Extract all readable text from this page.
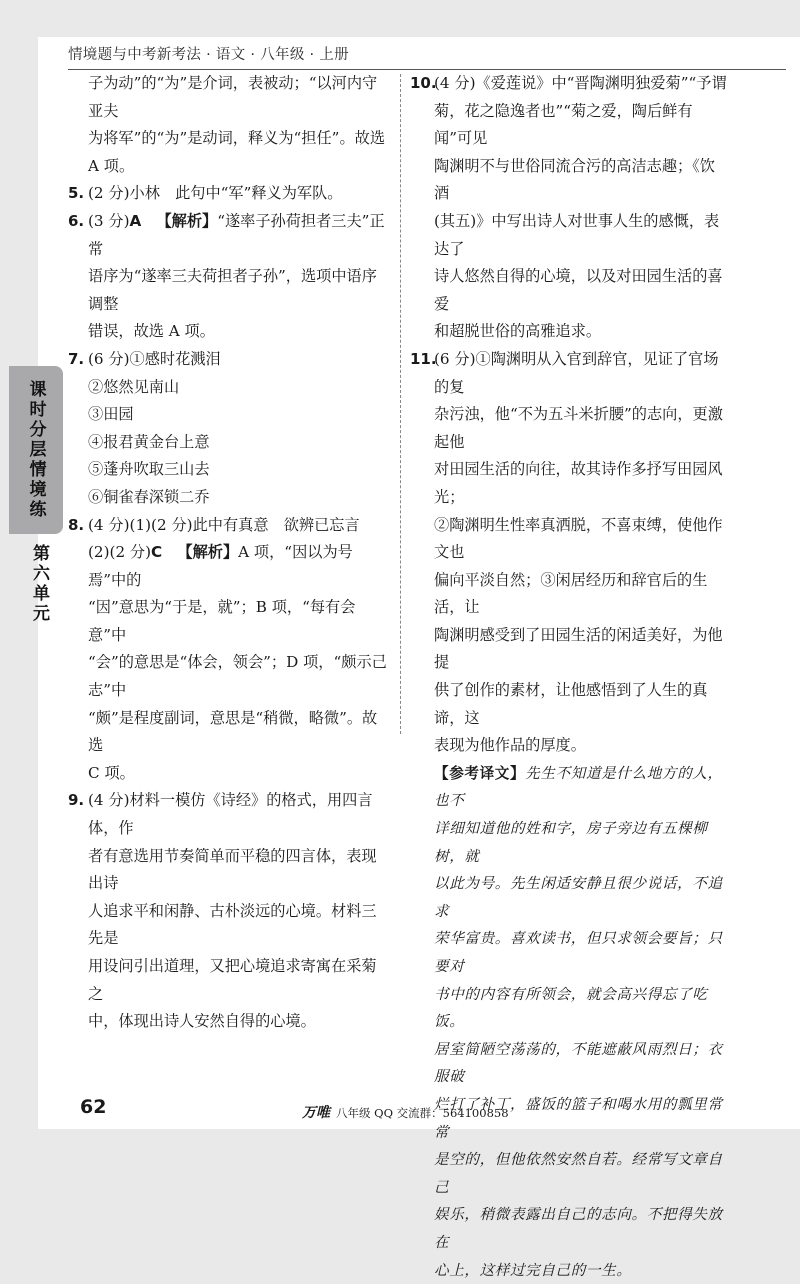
情境题与中考新考法 · 语文 · 八年级 · 上册
课时分层情境练
第六单元
子为动”的“为”是介词，表被动；“以河内守亚夫
为将军”的“为”是动词，释义为“担任”。故选
A 项。
5. (2 分)小林　此句中“军”释义为军队。
6. (3 分)A  【解析】“遂率子孙荷担者三夫”正常
语序为“遂率三夫荷担者子孙”，选项中语序调整
错误，故选 A 项。
7. (6 分)①感时花溅泪
②悠然见南山
③田园
④报君黄金台上意
⑤蓬舟吹取三山去
⑥铜雀春深锁二乔
8. (4 分)(1)(2 分)此中有真意　欲辨已忘言
(2)(2 分)C  【解析】A 项，“因以为号焉”中的
“因”意思为“于是，就”；B 项，“每有会意”中
“会”的意思是“体会，领会”；D 项，“颇示己志”中
“颇”是程度副词，意思是“稍微，略微”。故选
C 项。
9. (4 分)材料一模仿《诗经》的格式，用四言体，作
者有意选用节奏简单而平稳的四言体，表现出诗
人追求平和闲静、古朴淡远的心境。材料三先是
用设问引出道理，又把心境追求寄寓在采菊之
中，体现出诗人安然自得的心境。
10.
(4 分)《爱莲说》中“晋陶渊明独爱菊”“予谓
菊，花之隐逸者也”“菊之爱，陶后鲜有闻”可见
陶渊明不与世俗同流合污的高洁志趣；《饮酒
(其五)》中写出诗人对世事人生的感慨，表达了
诗人悠然自得的心境，以及对田园生活的喜爱
和超脱世俗的高雅追求。
11.
(6 分)①陶渊明从入官到辞官，见证了官场的复
杂污浊，他“不为五斗米折腰”的志向，更激起他
对田园生活的向往，故其诗作多抒写田园风光；
②陶渊明生性率真洒脱，不喜束缚，使他作文也
偏向平淡自然；③闲居经历和辞官后的生活，让
陶渊明感受到了田园生活的闲适美好，为他提
供了创作的素材，让他感悟到了人生的真谛，这
表现为他作品的厚度。
【参考译文】先生不知道是什么地方的人，也不
详细知道他的姓和字，房子旁边有五棵柳树，就
以此为号。先生闲适安静且很少说话，不追求
荣华富贵。喜欢读书，但只求领会要旨；只要对
书中的内容有所领会，就会高兴得忘了吃饭。
居室简陋空荡荡的，不能遮蔽风雨烈日；衣服破
烂打了补丁，盛饭的篮子和喝水用的瓢里常常
是空的，但他依然安然自若。经常写文章自己
娱乐，稍微表露出自己的志向。不把得失放在
心上，这样过完自己的一生。
62	万唯 八年级 QQ 交流群：564100858
